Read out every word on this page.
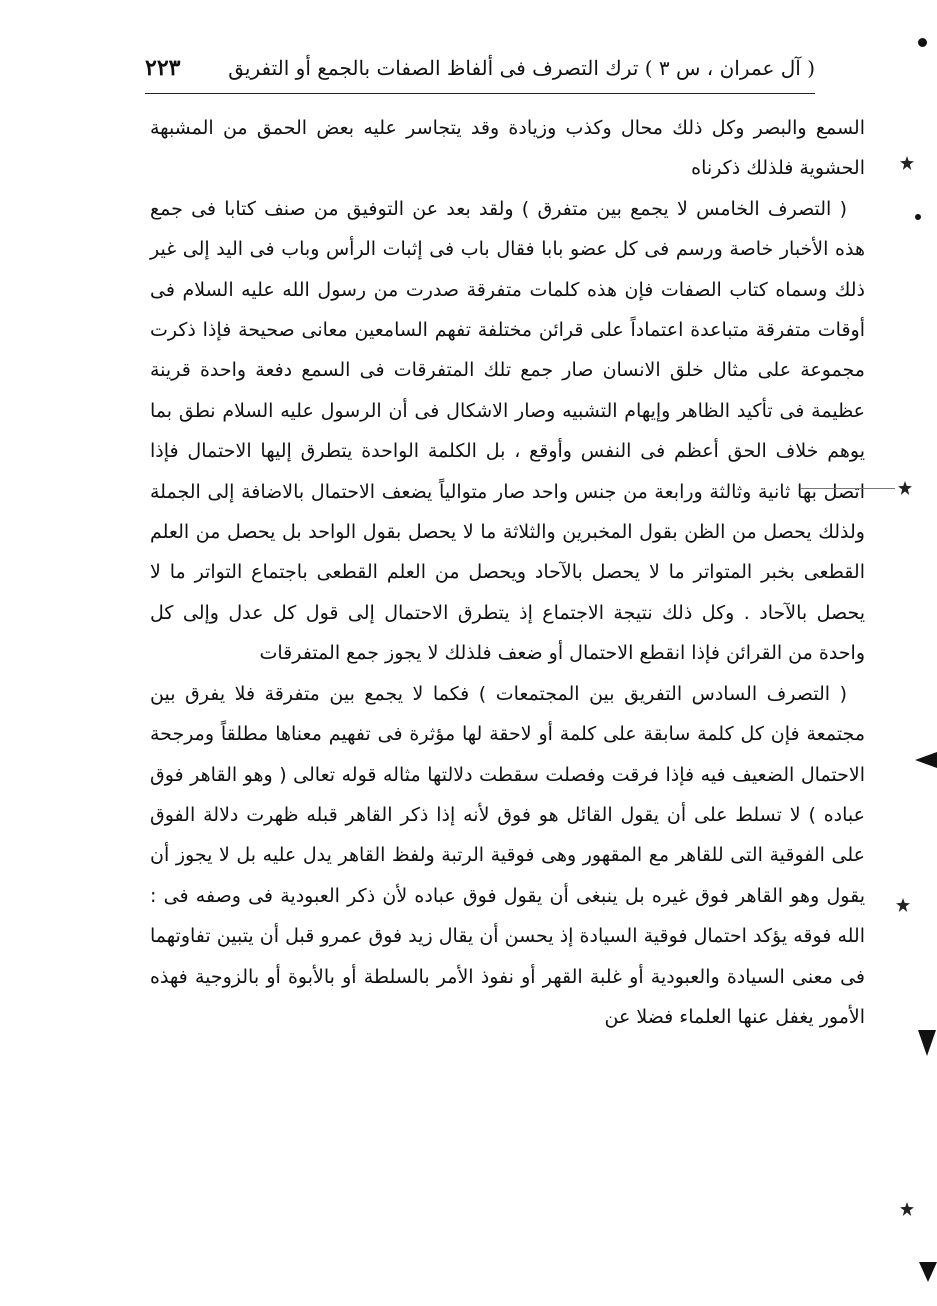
( آل عمران ، س ٣ ) ترك التصرف فى ألفاظ الصفات بالجمع أو التفريق
٢٢٣

السمع والبصر وكل ذلك محال وكذب وزيادة وقد يتجاسر عليه بعض الحمق من المشبهة الحشوية فلذلك ذكرناه

( التصرف الخامس لا يجمع بين متفرق ) ولقد بعد عن التوفيق من صنف كتابا فى جمع هذه الأخبار خاصة ورسم فى كل عضو بابا فقال باب فى إثبات الرأس وباب فى اليد إلى غير ذلك وسماه كتاب الصفات فإن هذه كلمات متفرقة صدرت من رسول الله عليه السلام فى أوقات متفرقة متباعدة اعتماداً على قرائن مختلفة تفهم السامعين معانى صحيحة فإذا ذكرت مجموعة على مثال خلق الانسان صار جمع تلك المتفرقات فى السمع دفعة واحدة قرينة عظيمة فى تأكيد الظاهر وإيهام التشبيه وصار الاشكال فى أن الرسول عليه السلام نطق بما يوهم خلاف الحق أعظم فى النفس وأوقع ، بل الكلمة الواحدة يتطرق إليها الاحتمال فإذا اتصل بها ثانية وثالثة ورابعة من جنس واحد صار متوالياً يضعف الاحتمال بالاضافة إلى الجملة ولذلك يحصل من الظن بقول المخبرين والثلاثة ما لا يحصل بقول الواحد بل يحصل من العلم القطعى بخبر المتواتر ما لا يحصل بالآحاد ويحصل من العلم القطعى باجتماع التواتر ما لا يحصل بالآحاد . وكل ذلك نتيجة الاجتماع إذ يتطرق الاحتمال إلى قول كل عدل وإلى كل واحدة من القرائن فإذا انقطع الاحتمال أو ضعف فلذلك لا يجوز جمع المتفرقات

( التصرف السادس التفريق بين المجتمعات ) فكما لا يجمع بين متفرقة فلا يفرق بين مجتمعة فإن كل كلمة سابقة على كلمة أو لاحقة لها مؤثرة فى تفهيم معناها مطلقاً ومرجحة الاحتمال الضعيف فيه فإذا فرقت وفصلت سقطت دلالتها مثاله قوله تعالى ( وهو القاهر فوق عباده ) لا تسلط على أن يقول القائل هو فوق لأنه إذا ذكر القاهر قبله ظهرت دلالة الفوق على الفوقية التى للقاهر مع المقهور وهى فوقية الرتبة ولفظ القاهر يدل عليه بل لا يجوز أن يقول وهو القاهر فوق غيره بل ينبغى أن يقول فوق عباده لأن ذكر العبودية فى وصفه فى : الله فوقه يؤكد احتمال فوقية السيادة إذ يحسن أن يقال زيد فوق عمرو قبل أن يتبين تفاوتهما فى معنى السيادة والعبودية أو غلبة القهر أو نفوذ الأمر بالسلطة أو بالأبوة أو بالزوجية فهذه الأمور يغفل عنها العلماء فضلا عن
